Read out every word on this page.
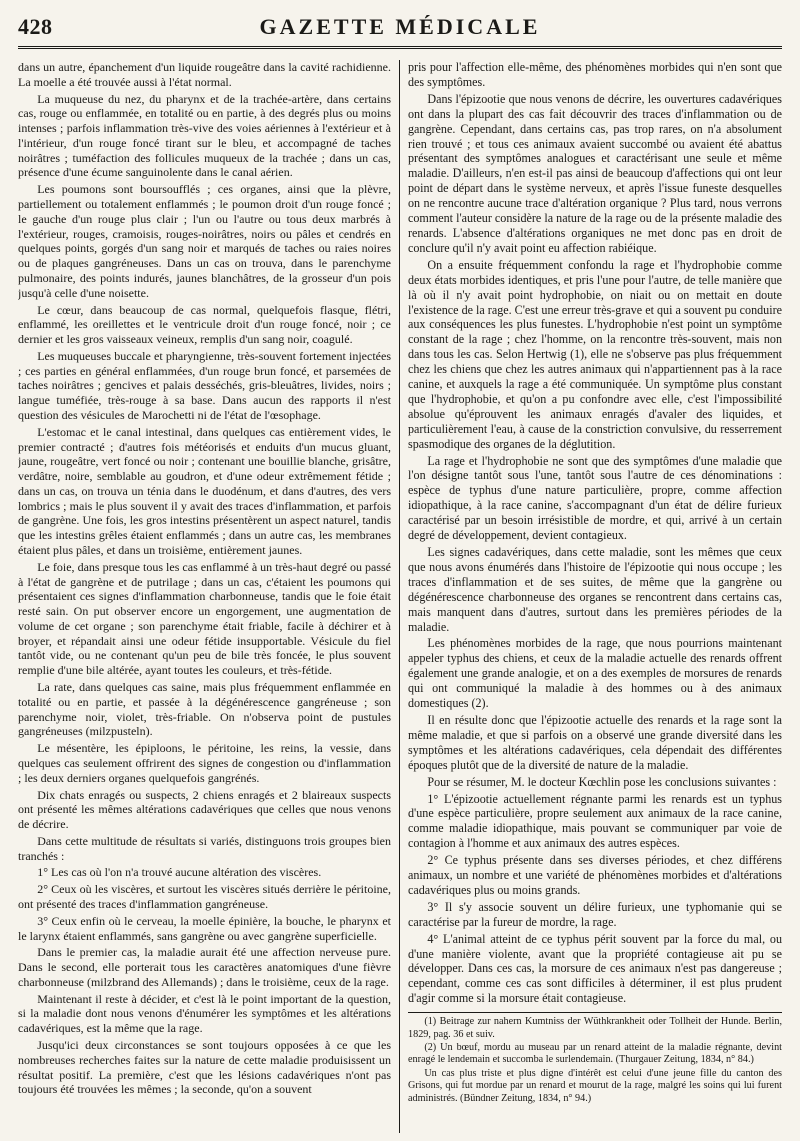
428	GAZETTE MÉDICALE

dans un autre, épanchement d'un liquide rougeâtre dans la cavité rachidienne. La moelle a été trouvée aussi à l'état normal.

La muqueuse du nez, du pharynx et de la trachée-artère, dans certains cas, rouge ou enflammée, en totalité ou en partie, à des degrés plus ou moins intenses ; parfois inflammation très-vive des voies aériennes à l'extérieur et à l'intérieur, d'un rouge foncé tirant sur le bleu, et accompagné de taches noirâtres ; tuméfaction des follicules muqueux de la trachée ; dans un cas, présence d'une écume sanguinolente dans le canal aérien.

Les poumons sont boursoufflés ; ces organes, ainsi que la plèvre, partiellement ou totalement enflammés ; le poumon droit d'un rouge foncé ; le gauche d'un rouge plus clair ; l'un ou l'autre ou tous deux marbrés à l'extérieur, rouges, cramoisis, rouges-noirâtres, noirs ou pâles et cendrés en quelques points, gorgés d'un sang noir et marqués de taches ou raies noires ou de plaques gangréneuses. Dans un cas on trouva, dans le parenchyme pulmonaire, des points indurés, jaunes blanchâtres, de la grosseur d'un pois jusqu'à celle d'une noisette.

Le cœur, dans beaucoup de cas normal, quelquefois flasque, flétri, enflammé, les oreillettes et le ventricule droit d'un rouge foncé, noir ; ce dernier et les gros vaisseaux veineux, remplis d'un sang noir, coagulé.

Les muqueuses buccale et pharyngienne, très-souvent fortement injectées ; ces parties en général enflammées, d'un rouge brun foncé, et parsemées de taches noirâtres ; gencives et palais desséchés, gris-bleuâtres, livides, noirs ; langue tuméfiée, très-rouge à sa base. Dans aucun des rapports il n'est question des vésicules de Marochetti ni de l'état de l'œsophage.

L'estomac et le canal intestinal, dans quelques cas entièrement vides, le premier contracté ; d'autres fois météorisés et enduits d'un mucus gluant, jaune, rougeâtre, vert foncé ou noir ; contenant une bouillie blanche, grisâtre, verdâtre, noire, semblable au goudron, et d'une odeur extrêmement fétide ; dans un cas, on trouva un ténia dans le duodénum, et dans d'autres, des vers lombrics ; mais le plus souvent il y avait des traces d'inflammation, et parfois de gangrène. Une fois, les gros intestins présentèrent un aspect naturel, tandis que les intestins grêles étaient enflammés ; dans un autre cas, les membranes étaient plus pâles, et dans un troisième, entièrement jaunes.

Le foie, dans presque tous les cas enflammé à un très-haut degré ou passé à l'état de gangrène et de putrilage ; dans un cas, c'étaient les poumons qui présentaient ces signes d'inflammation charbonneuse, tandis que le foie était resté sain. On put observer encore un engorgement, une augmentation de volume de cet organe ; son parenchyme était friable, facile à déchirer et à broyer, et répandait ainsi une odeur fétide insupportable. Vésicule du fiel tantôt vide, ou ne contenant qu'un peu de bile très foncée, le plus souvent remplie d'une bile altérée, ayant toutes les couleurs, et très-fétide.

La rate, dans quelques cas saine, mais plus fréquemment enflammée en totalité ou en partie, et passée à la dégénérescence gangréneuse ; son parenchyme noir, violet, très-friable. On n'observa point de pustules gangréneuses (milzpusteln).

Le mésentère, les épiploons, le péritoine, les reins, la vessie, dans quelques cas seulement offrirent des signes de congestion ou d'inflammation ; les deux derniers organes quelquefois gangrénés.

Dix chats enragés ou suspects, 2 chiens enragés et 2 blaireaux suspects ont présenté les mêmes altérations cadavériques que celles que nous venons de décrire.

Dans cette multitude de résultats si variés, distinguons trois groupes bien tranchés :

1° Les cas où l'on n'a trouvé aucune altération des viscères.

2° Ceux où les viscères, et surtout les viscères situés derrière le péritoine, ont présenté des traces d'inflammation gangréneuse.

3° Ceux enfin où le cerveau, la moelle épinière, la bouche, le pharynx et le larynx étaient enflammés, sans gangrène ou avec gangrène superficielle.

Dans le premier cas, la maladie aurait été une affection nerveuse pure. Dans le second, elle porterait tous les caractères anatomiques d'une fièvre charbonneuse (milzbrand des Allemands) ; dans le troisième, ceux de la rage.

Maintenant il reste à décider, et c'est là le point important de la question, si la maladie dont nous venons d'énumérer les symptômes et les altérations cadavériques, est la même que la rage.

Jusqu'ici deux circonstances se sont toujours opposées à ce que les nombreuses recherches faites sur la nature de cette maladie produisissent un résultat positif. La première, c'est que les lésions cadavériques n'ont pas toujours été trouvées les mêmes ; la seconde, qu'on a souvent

pris pour l'affection elle-même, des phénomènes morbides qui n'en sont que des symptômes.

Dans l'épizootie que nous venons de décrire, les ouvertures cadavériques ont dans la plupart des cas fait découvrir des traces d'inflammation ou de gangrène. Cependant, dans certains cas, pas trop rares, on n'a absolument rien trouvé ; et tous ces animaux avaient succombé ou avaient été abattus présentant des symptômes analogues et caractérisant une seule et même maladie. D'ailleurs, n'en est-il pas ainsi de beaucoup d'affections qui ont leur point de départ dans le système nerveux, et après l'issue funeste desquelles on ne rencontre aucune trace d'altération organique ? Plus tard, nous verrons comment l'auteur considère la nature de la rage ou de la présente maladie des renards. L'absence d'altérations organiques ne met donc pas en droit de conclure qu'il n'y avait point eu affection rabiéique.

On a ensuite fréquemment confondu la rage et l'hydrophobie comme deux états morbides identiques, et pris l'une pour l'autre, de telle manière que là où il n'y avait point hydrophobie, on niait ou on mettait en doute l'existence de la rage. C'est une erreur très-grave et qui a souvent pu conduire aux conséquences les plus funestes. L'hydrophobie n'est point un symptôme constant de la rage ; chez l'homme, on la rencontre très-souvent, mais non dans tous les cas. Selon Hertwig (1), elle ne s'observe pas plus fréquemment chez les chiens que chez les autres animaux qui n'appartiennent pas à la race canine, et auxquels la rage a été communiquée. Un symptôme plus constant que l'hydrophobie, et qu'on a pu confondre avec elle, c'est l'impossibilité absolue qu'éprouvent les animaux enragés d'avaler des liquides, et particulièrement l'eau, à cause de la constriction convulsive, du resserrement spasmodique des organes de la déglutition.

La rage et l'hydrophobie ne sont que des symptômes d'une maladie que l'on désigne tantôt sous l'une, tantôt sous l'autre de ces dénominations : espèce de typhus d'une nature particulière, propre, comme affection idiopathique, à la race canine, s'accompagnant d'un état de délire furieux caractérisé par un besoin irrésistible de mordre, et qui, arrivé à un certain degré de développement, devient contagieux.

Les signes cadavériques, dans cette maladie, sont les mêmes que ceux que nous avons énumérés dans l'histoire de l'épizootie qui nous occupe ; les traces d'inflammation et de ses suites, de même que la gangrène ou dégénérescence charbonneuse des organes se rencontrent dans certains cas, mais manquent dans d'autres, surtout dans les premières périodes de la maladie.

Les phénomènes morbides de la rage, que nous pourrions maintenant appeler typhus des chiens, et ceux de la maladie actuelle des renards offrent également une grande analogie, et on a des exemples de morsures de renards qui ont communiqué la maladie à des hommes ou à des animaux domestiques (2).

Il en résulte donc que l'épizootie actuelle des renards et la rage sont la même maladie, et que si parfois on a observé une grande diversité dans les symptômes et les altérations cadavériques, cela dépendait des différentes époques plutôt que de la diversité de nature de la maladie.

Pour se résumer, M. le docteur Kœchlin pose les conclusions suivantes :

1° L'épizootie actuellement régnante parmi les renards est un typhus d'une espèce particulière, propre seulement aux animaux de la race canine, comme maladie idiopathique, mais pouvant se communiquer par voie de contagion à l'homme et aux animaux des autres espèces.

2° Ce typhus présente dans ses diverses périodes, et chez différens animaux, un nombre et une variété de phénomènes morbides et d'altérations cadavériques plus ou moins grands.

3° Il s'y associe souvent un délire furieux, une typhomanie qui se caractérise par la fureur de mordre, la rage.

4° L'animal atteint de ce typhus périt souvent par la force du mal, ou d'une manière violente, avant que la propriété contagieuse ait pu se développer. Dans ces cas, la morsure de ces animaux n'est pas dangereuse ; cependant, comme ces cas sont difficiles à déterminer, il est plus prudent d'agir comme si la morsure était contagieuse.

(1) Beitrage zur nahern Kumtniss der Wüthkrankheit oder Tollheit der Hunde. Berlin, 1829, pag. 36 et suiv.

(2) Un bœuf, mordu au museau par un renard atteint de la maladie régnante, devint enragé le lendemain et succomba le surlendemain. (Thurgauer Zeitung, 1834, n° 84.)

Un cas plus triste et plus digne d'intérêt est celui d'une jeune fille du canton des Grisons, qui fut mordue par un renard et mourut de la rage, malgré les soins qui lui furent administrés. (Bündner Zeitung, 1834, n° 94.)
